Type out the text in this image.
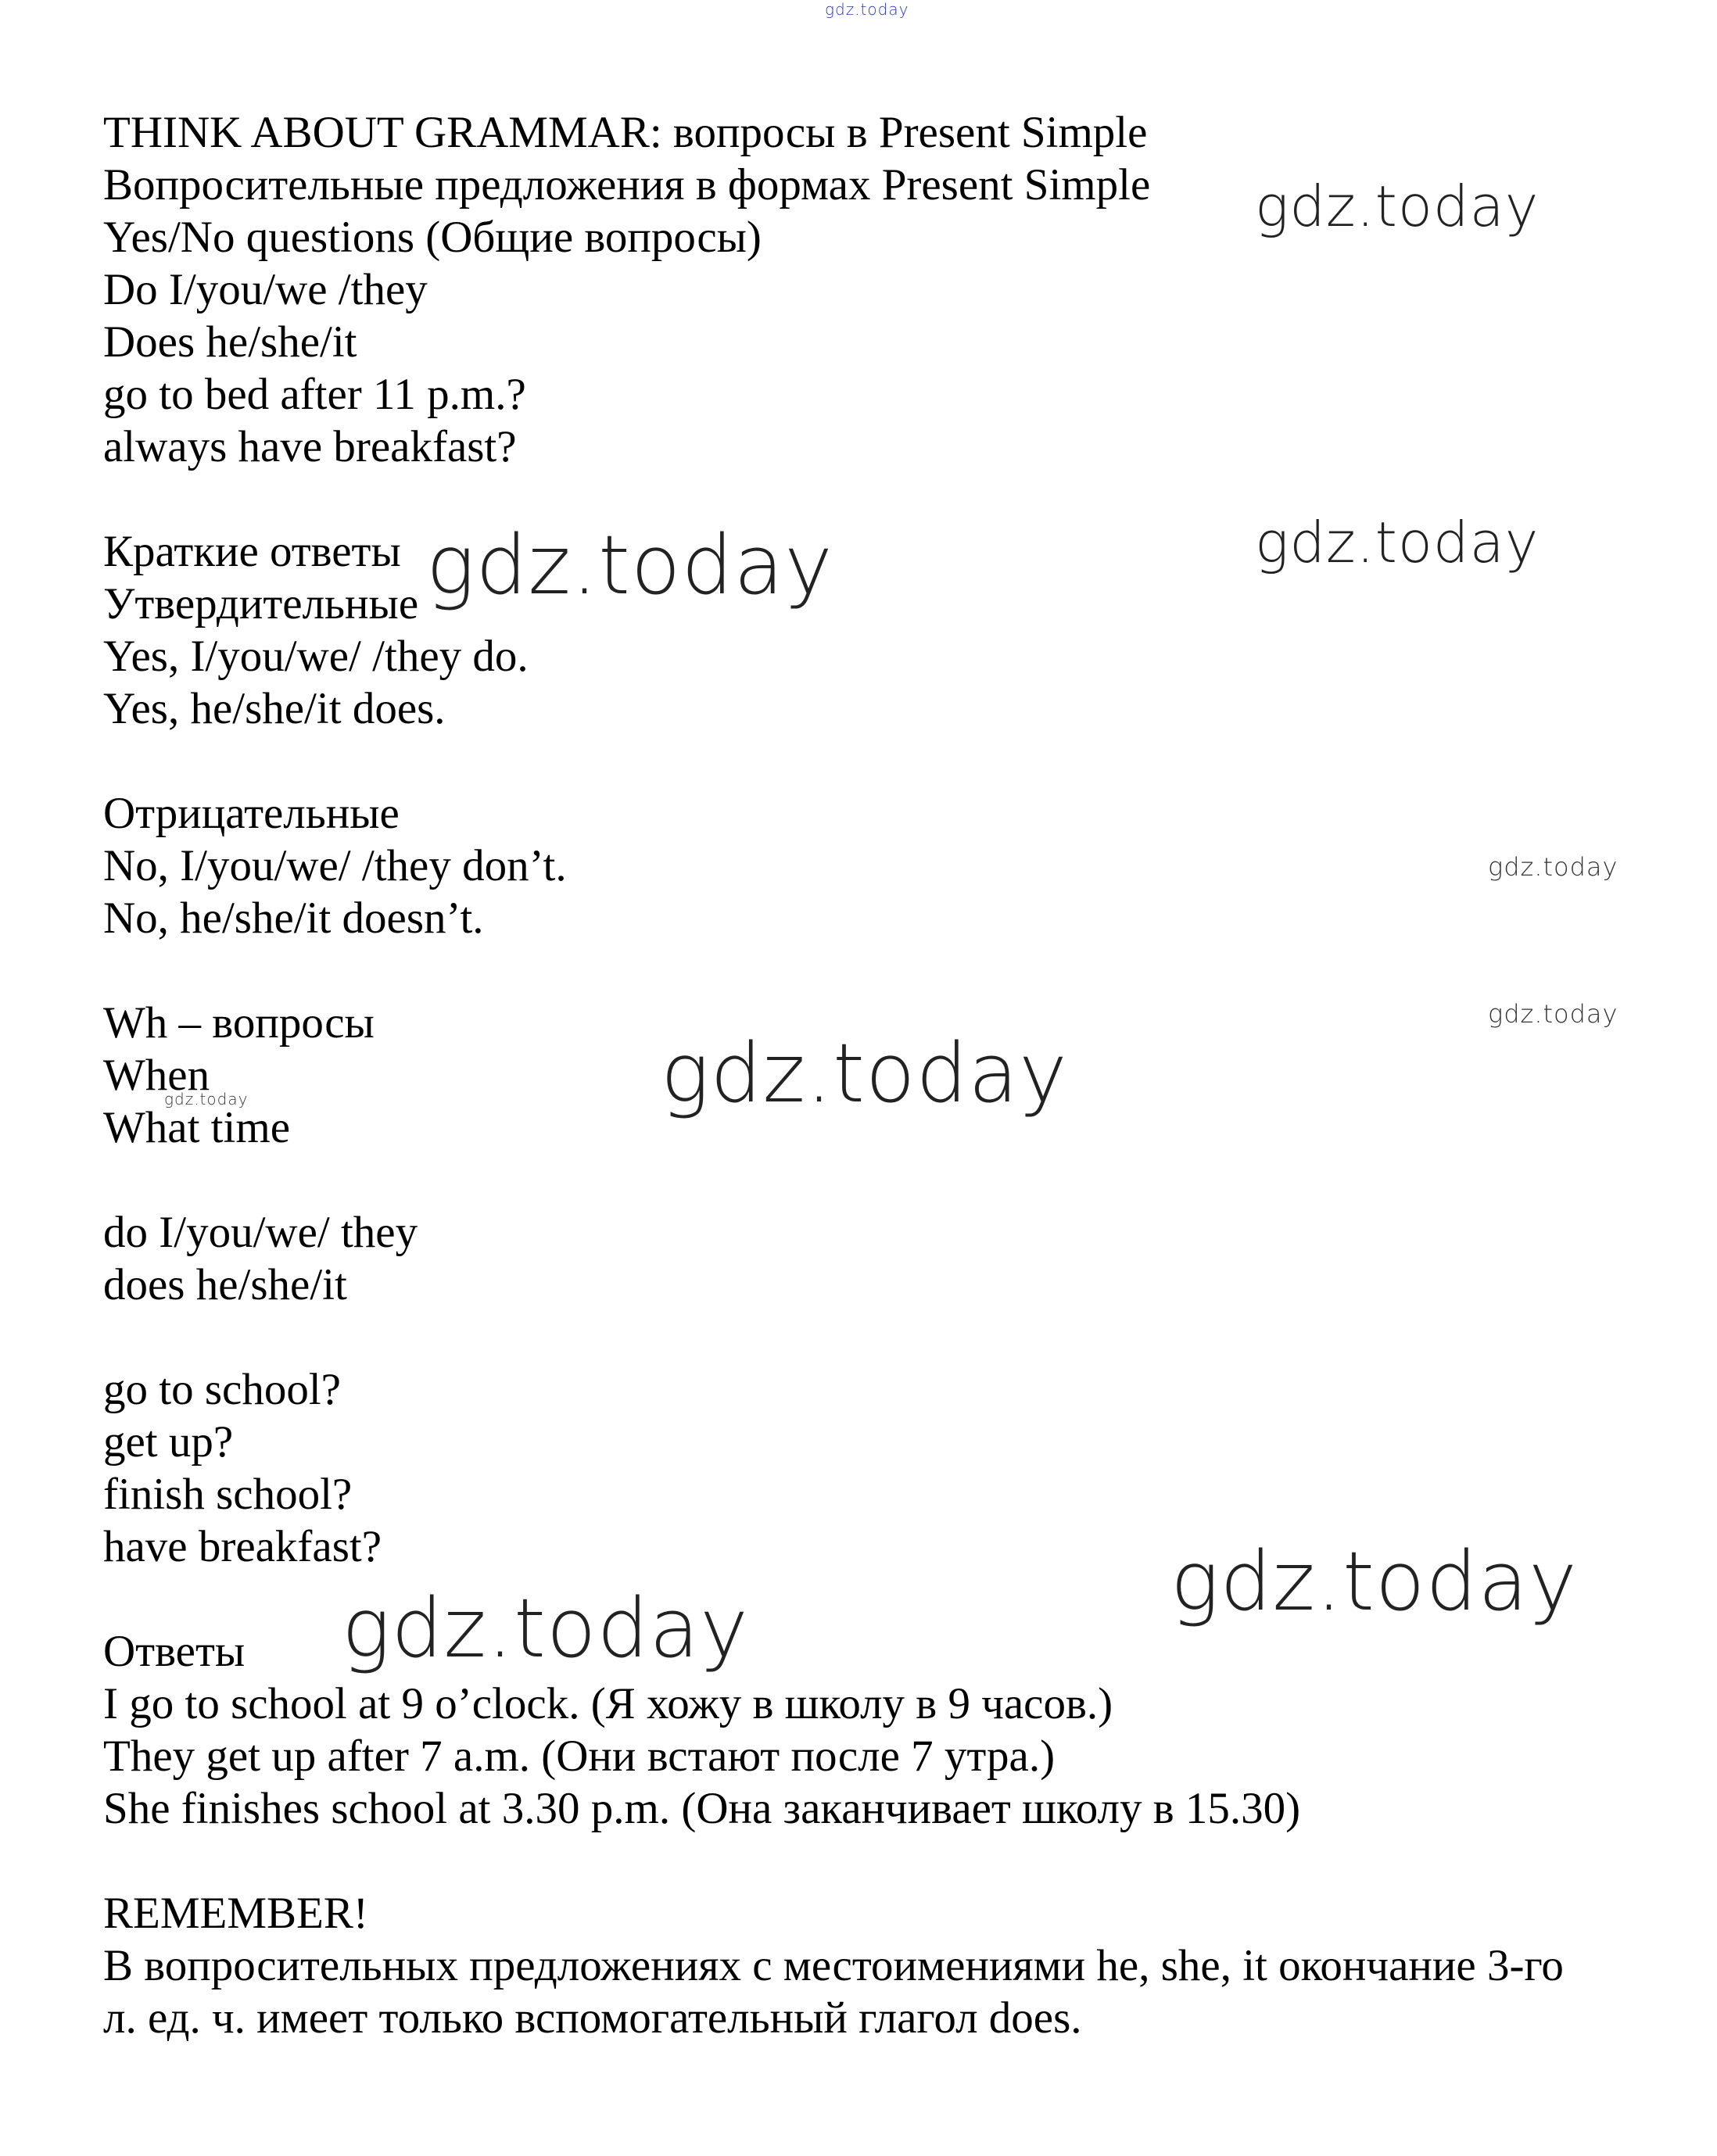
gdz.today
gdz.today
gdz.today
gdz.today
gdz.today
gdz.today
gdz.today
gdz.today
gdz.today
gdz.today

THINK ABOUT GRAMMAR: вопросы в Present Simple

Вопросительные предложения в формах Present Simple

Yes/No questions (Общие вопросы)

Do I/you/we /they

Does he/she/it

go to bed after 11 p.m.?

always have breakfast?

Краткие ответы

Утвердительные

Yes, I/you/we/ /they do.

Yes, he/she/it does.

Отрицательные

No, I/you/we/ /they don’t.

No, he/she/it doesn’t.

Wh – вопросы

When

What time

do I/you/we/ they

does he/she/it

go to school?

get up?

finish school?

have breakfast?

Ответы

I go to school at 9 o’clock. (Я хожу в школу в 9 часов.)

They get up after 7 a.m. (Они встают после 7 утра.)

She finishes school at 3.30 p.m. (Она заканчивает школу в 15.30)

REMEMBER!

В вопросительных предложениях с местоимениями he, she, it окончание 3-го

л. ед. ч. имеет только вспомогательный глагол does.
